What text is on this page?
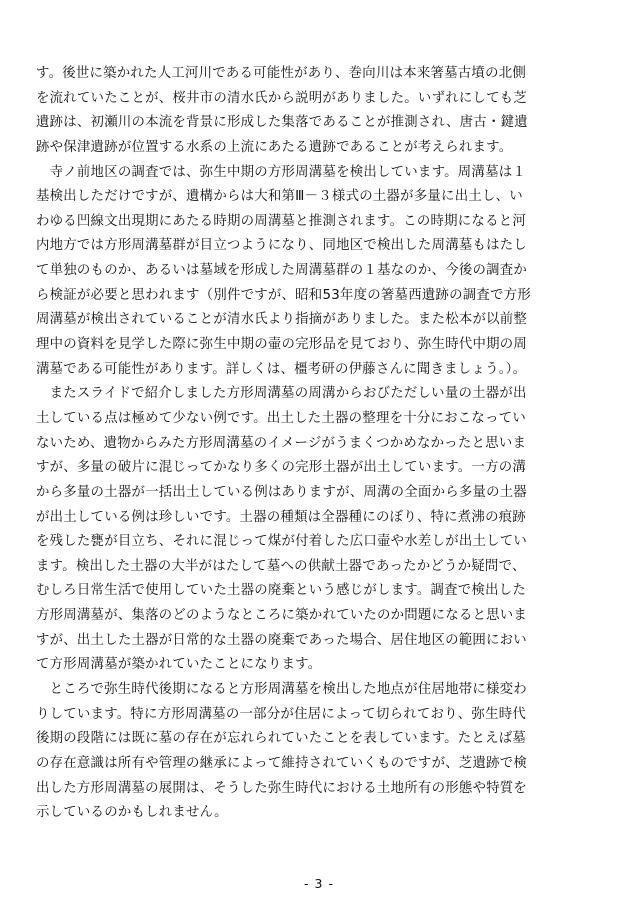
す。後世に築かれた人工河川である可能性があり、巻向川は本来箸墓古墳の北側
を流れていたことが、桜井市の清水氏から説明がありました。いずれにしても芝
遺跡は、初瀬川の本流を背景に形成した集落であることが推測され、唐古・鍵遺
跡や保津遺跡が位置する水系の上流にあたる遺跡であることが考えられます。
　寺ノ前地区の調査では、弥生中期の方形周溝墓を検出しています。周溝墓は１
基検出しただけですが、遺構からは大和第Ⅲ－３様式の土器が多量に出土し、い
わゆる凹線文出現期にあたる時期の周溝墓と推測されます。この時期になると河
内地方では方形周溝墓群が目立つようになり、同地区で検出した周溝墓もはたし
て単独のものか、あるいは墓域を形成した周溝墓群の１基なのか、今後の調査か
ら検証が必要と思われます（別件ですが、昭和53年度の箸墓西遺跡の調査で方形
周溝墓が検出されていることが清水氏より指摘がありました。また松本が以前整
理中の資料を見学した際に弥生中期の壷の完形品を見ており、弥生時代中期の周
溝墓である可能性があります。詳しくは、橿考研の伊藤さんに聞きましょう。）。
　またスライドで紹介しました方形周溝墓の周溝からおびただしい量の土器が出
土している点は極めて少ない例です。出土した土器の整理を十分におこなってい
ないため、遺物からみた方形周溝墓のイメージがうまくつかめなかったと思いま
すが、多量の破片に混じってかなり多くの完形土器が出土しています。一方の溝
から多量の土器が一括出土している例はありますが、周溝の全面から多量の土器
が出土している例は珍しいです。土器の種類は全器種にのぼり、特に煮沸の痕跡
を残した甕が目立ち、それに混じって煤が付着した広口壷や水差しが出土してい
ます。検出した土器の大半がはたして墓への供献土器であったかどうか疑問で、
むしろ日常生活で使用していた土器の廃棄という感じがします。調査で検出した
方形周溝墓が、集落のどのようなところに築かれていたのか問題になると思いま
すが、出土した土器が日常的な土器の廃棄であった場合、居住地区の範囲におい
て方形周溝墓が築かれていたことになります。
　ところで弥生時代後期になると方形周溝墓を検出した地点が住居地帯に様変わ
りしています。特に方形周溝墓の一部分が住居によって切られており、弥生時代
後期の段階には既に墓の存在が忘れられていたことを表しています。たとえば墓
の存在意識は所有や管理の継承によって維持されていくものですが、芝遺跡で検
出した方形周溝墓の展開は、そうした弥生時代における土地所有の形態や特質を
示しているのかもしれません。
- 3 -
